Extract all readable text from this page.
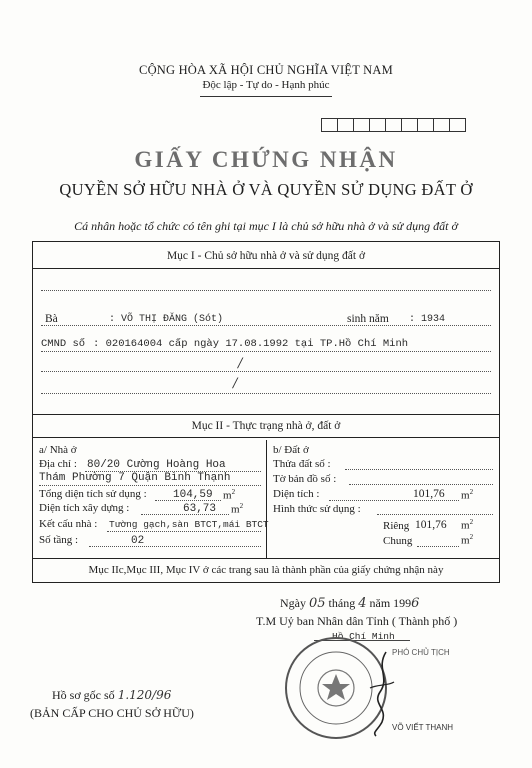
CỘNG HÒA XÃ HỘI CHỦ NGHĨA VIỆT NAM
Độc lập - Tự do - Hạnh phúc
GIẤY CHỨNG NHẬN
QUYỀN SỞ HỮU NHÀ Ở VÀ QUYỀN SỬ DỤNG ĐẤT Ở
Cá nhân hoặc tổ chức có tên ghi tại mục I là chủ sở hữu nhà ở và sử dụng đất ở
Mục I - Chủ sở hữu nhà ở và sử dụng đất ở
Bà	: VÕ THỊ ĐĂNG (Sót)	sinh năm : 1934
CMND số : 020164004 cấp ngày 17.08.1992 tại TP.Hồ Chí Minh
/
/
Mục II - Thực trạng nhà ở, đất ở
a/ Nhà ở
Địa chỉ : 80/20 Cường Hoàng Hoa
Thám Phường 7 Quận Bình Thạnh
Tổng diện tích sử dụng : 104,59 $m^2$
Diện tích xây dựng :	63,73 $m^2$
Kết cấu nhà : Tường gạch,sàn BTCT,mái BTCT
Số tầng :	02
b/ Đất ở
Thửa đất số :
Tờ bản đồ số :
Diện tích :	101,76 $m^2$
Hình thức sử dụng :
Riêng 101,76 $m^2$
Chung	$m^2$
Mục IIc,Mục III, Mục IV ở các trang sau là thành phần của giấy chứng nhận này
Ngày 05 tháng 4 năm 1996
T.M Uỷ ban Nhân dân Tỉnh ( Thành phố )
Hồ Chí Minh
PHÓ CHỦ TỊCH
VÕ VIẾT THANH
Hồ sơ gốc số 1.120/96
(BẢN CẤP CHO CHỦ SỞ HỮU)
